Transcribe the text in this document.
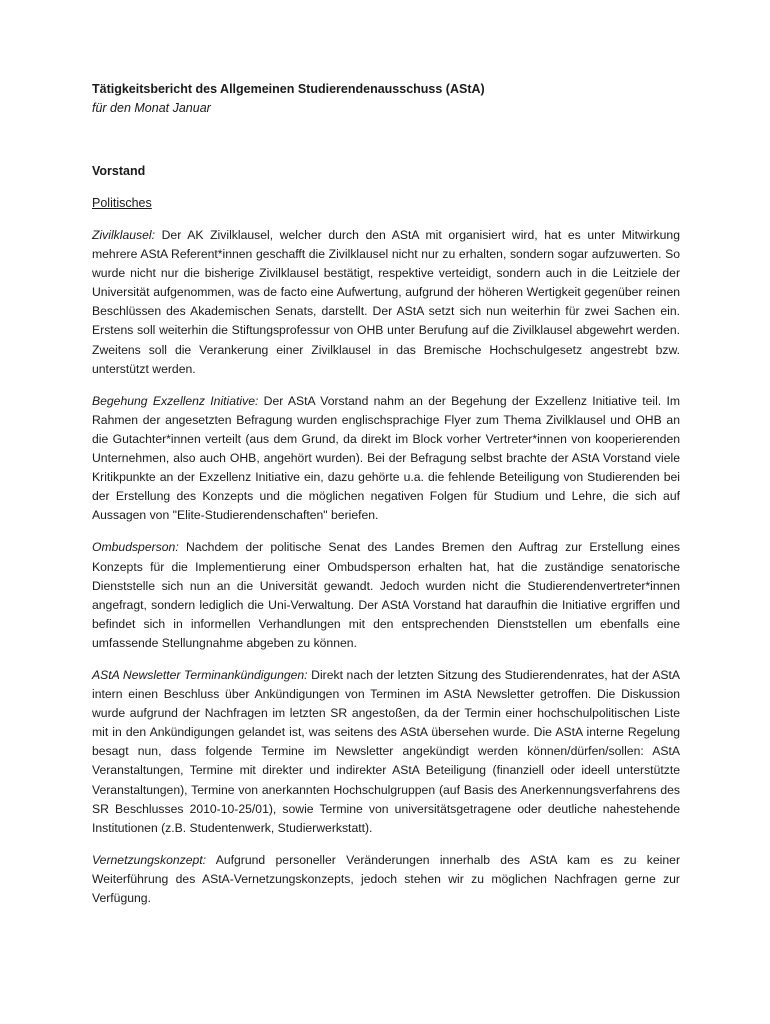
Tätigkeitsbericht des Allgemeinen Studierendenausschuss (AStA)

für den Monat Januar

Vorstand

Politisches

Zivilklausel: Der AK Zivilklausel, welcher durch den AStA mit organisiert wird, hat es unter Mitwirkung mehrere AStA Referent*innen geschafft die Zivilklausel nicht nur zu erhalten, sondern sogar aufzuwerten. So wurde nicht nur die bisherige Zivilklausel bestätigt, respektive verteidigt, sondern auch in die Leitziele der Universität aufgenommen, was de facto eine Aufwertung, aufgrund der höheren Wertigkeit gegenüber reinen Beschlüssen des Akademischen Senats, darstellt. Der AStA setzt sich nun weiterhin für zwei Sachen ein. Erstens soll weiterhin die Stiftungsprofessur von OHB unter Berufung auf die Zivilklausel abgewehrt werden. Zweitens soll die Verankerung einer Zivilklausel in das Bremische Hochschulgesetz angestrebt bzw. unterstützt werden.

Begehung Exzellenz Initiative: Der AStA Vorstand nahm an der Begehung der Exzellenz Initiative teil. Im Rahmen der angesetzten Befragung wurden englischsprachige Flyer zum Thema Zivilklausel und OHB an die Gutachter*innen verteilt (aus dem Grund, da direkt im Block vorher Vertreter*innen von kooperierenden Unternehmen, also auch OHB, angehört wurden). Bei der Befragung selbst brachte der AStA Vorstand viele Kritikpunkte an der Exzellenz Initiative ein, dazu gehörte u.a. die fehlende Beteiligung von Studierenden bei der Erstellung des Konzepts und die möglichen negativen Folgen für Studium und Lehre, die sich auf Aussagen von "Elite-Studierendenschaften" beriefen.

Ombudsperson: Nachdem der politische Senat des Landes Bremen den Auftrag zur Erstellung eines Konzepts für die Implementierung einer Ombudsperson erhalten hat, hat die zuständige senatorische Dienststelle sich nun an die Universität gewandt. Jedoch wurden nicht die Studierendenvertreter*innen angefragt, sondern lediglich die Uni-Verwaltung. Der AStA Vorstand hat daraufhin die Initiative ergriffen und befindet sich in informellen Verhandlungen mit den entsprechenden Dienststellen um ebenfalls eine umfassende Stellungnahme abgeben zu können.

AStA Newsletter Terminankündigungen: Direkt nach der letzten Sitzung des Studierendenrates, hat der AStA intern einen Beschluss über Ankündigungen von Terminen im AStA Newsletter getroffen. Die Diskussion wurde aufgrund der Nachfragen im letzten SR angestoßen, da der Termin einer hochschulpolitischen Liste mit in den Ankündigungen gelandet ist, was seitens des AStA übersehen wurde. Die AStA interne Regelung besagt nun, dass folgende Termine im Newsletter angekündigt werden können/dürfen/sollen: AStA Veranstaltungen, Termine mit direkter und indirekter AStA Beteiligung (finanziell oder ideell unterstützte Veranstaltungen), Termine von anerkannten Hochschulgruppen (auf Basis des Anerkennungsverfahrens des SR Beschlusses 2010-10-25/01), sowie Termine von universitätsgetragene oder deutliche nahestehende Institutionen (z.B. Studentenwerk, Studierwerkstatt).

Vernetzungskonzept: Aufgrund personeller Veränderungen innerhalb des AStA kam es zu keiner Weiterführung des AStA-Vernetzungskonzepts, jedoch stehen wir zu möglichen Nachfragen gerne zur Verfügung.
